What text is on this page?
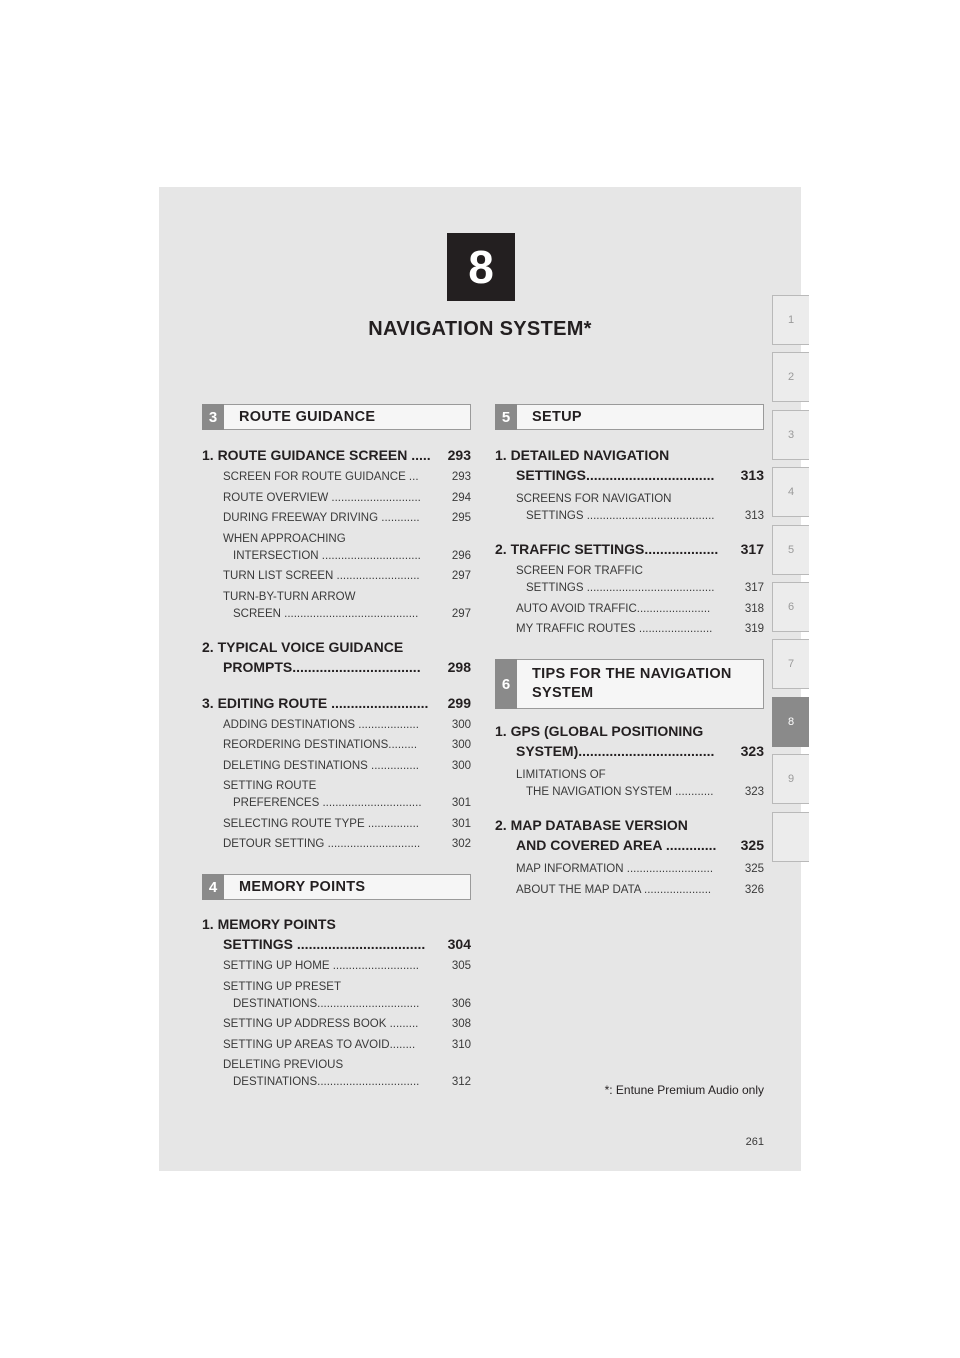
8
NAVIGATION SYSTEM*	1
2
3
4
5
6
7
8
9
3	ROUTE GUIDANCE
1. ROUTE GUIDANCE SCREEN ..... 293
SCREEN FOR ROUTE GUIDANCE ...	293
ROUTE OVERVIEW ............................	294
DURING FREEWAY DRIVING ............	295
WHEN APPROACHING
INTERSECTION ...............................	296
TURN LIST SCREEN ..........................	297
TURN-BY-TURN ARROW
SCREEN ..........................................	297
2. TYPICAL VOICE GUIDANCE
PROMPTS................................. 298
3. EDITING ROUTE ......................... 299
ADDING DESTINATIONS ...................	300
REORDERING DESTINATIONS.........	300
DELETING DESTINATIONS ...............	300
SETTING ROUTE
PREFERENCES ...............................	301
SELECTING ROUTE TYPE ................	301
DETOUR SETTING .............................	302
4	MEMORY POINTS
1. MEMORY POINTS
SETTINGS ................................. 304
SETTING UP HOME ...........................	305
SETTING UP PRESET
DESTINATIONS................................	306
SETTING UP ADDRESS BOOK .........	308
SETTING UP AREAS TO AVOID........	310
DELETING PREVIOUS
DESTINATIONS................................	312
5	SETUP
1. DETAILED NAVIGATION
SETTINGS................................. 313
SCREENS FOR NAVIGATION
SETTINGS ........................................	313
2. TRAFFIC SETTINGS................... 317
SCREEN FOR TRAFFIC
SETTINGS ........................................	317
AUTO AVOID TRAFFIC.......................	318
MY TRAFFIC ROUTES .......................	319
6
TIPS FOR THE NAVIGATION
SYSTEM
1. GPS (GLOBAL POSITIONING
SYSTEM)................................... 323
LIMITATIONS OF
THE NAVIGATION SYSTEM ............	323
2. MAP DATABASE VERSION
AND COVERED AREA ............. 325
MAP INFORMATION ...........................	325
ABOUT THE MAP DATA .....................	326
*: Entune Premium Audio only
261
